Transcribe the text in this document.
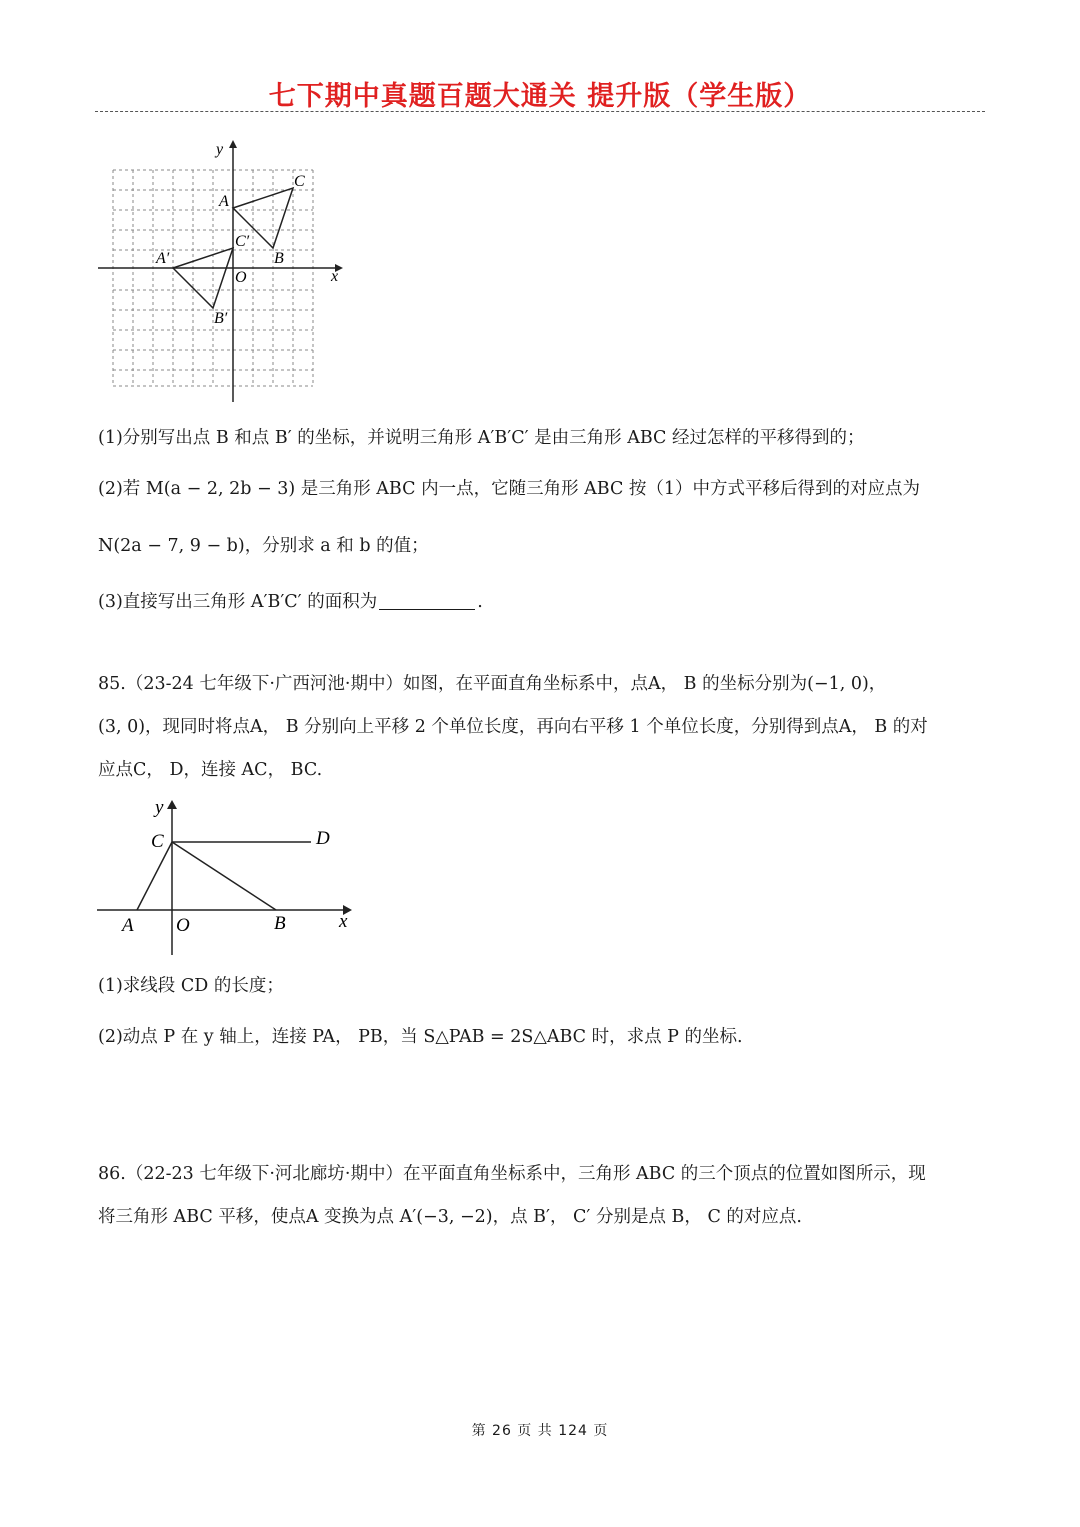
七下期中真题百题大通关 提升版（学生版）
x
y
O
A
B
C
A′
B′
C′
(1)分别写出点 B 和点 B′ 的坐标，并说明三角形 A′B′C′ 是由三角形 ABC 经过怎样的平移得到的；
(2)若 M(a − 2, 2b − 3) 是三角形 ABC 内一点，它随三角形 ABC 按（1）中方式平移后得到的对应点为
N(2a − 7, 9 − b)，分别求 a 和 b 的值；
(3)直接写出三角形 A′B′C′ 的面积为	.
85.（23-24 七年级下·广西河池·期中）如图，在平面直角坐标系中，点A， B 的坐标分别为(−1, 0)，
(3, 0)，现同时将点A， B 分别向上平移 2 个单位长度，再向右平移 1 个单位长度，分别得到点A， B 的对
应点C， D，连接 AC， BC.
x
y
O
A	B
C	D
(1)求线段 CD 的长度；
(2)动点 P 在 y 轴上，连接 PA， PB，当 S△PAB = 2S△ABC 时，求点 P 的坐标.
86.（22-23 七年级下·河北廊坊·期中）在平面直角坐标系中，三角形 ABC 的三个顶点的位置如图所示，现
将三角形 ABC 平移，使点A 变换为点 A′(−3, −2)，点 B′， C′ 分别是点 B， C 的对应点.
第 26 页 共 124 页
